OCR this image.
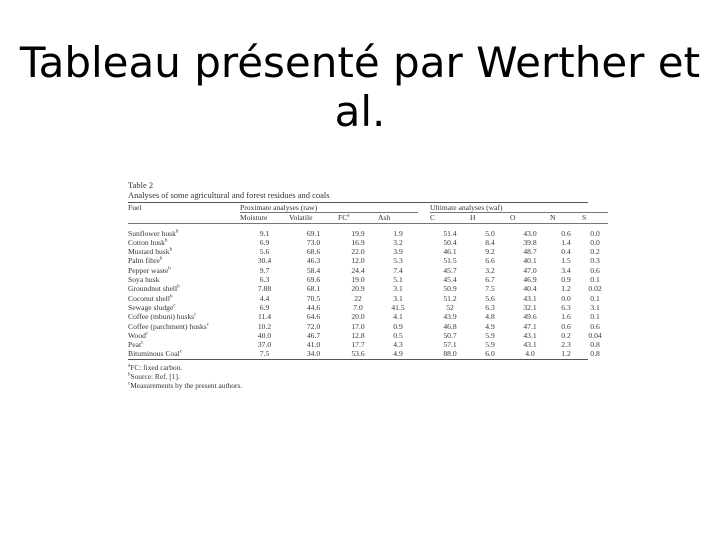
Tableau présenté par Werther et al.
Table 2
Analyses of some agricultural and forest residues and coals
Fuel	Proximate analyses (raw)					Ultimate analyses (waf)				
	Moisture	Volatile	$FC^a$	Ash		C	H	O	N	S

Sunflower husk$^b$	9.1	69.1	19.9	1.9		51.4	5.0	43.0	0.6	0.0
Cotton husk$^b$	6.9	73.0	16.9	3.2		50.4	8.4	39.8	1.4	0.0
Mustard husk$^b$	5.6	68.6	22.0	3.9		46.1	9.2	48.7	0.4	0.2
Palm fibre$^b$	30.4	46.3	12.0	5.3		51.5	6.6	40.1	1.5	0.3
Pepper waste$^b$	9.7	58.4	24.4	7.4		45.7	3.2	47.0	3.4	0.6
Soya husk	6.3	69.6	19.0	5.1		45.4	6.7	46.9	0.9	0.1
Groundnut shell$^b$	7.88	68.1	20.9	3.1		50.9	7.5	40.4	1.2	0.02
Coconut shell$^b$	4.4	70.5	22	3.1		51.2	5.6	43.1	0.0	0.1
Sewage sludge$^c$	6.9	44.6	7.0	41.5		52	6.3	32.1	6.3	3.1
Coffee (mbuni) husks$^c$	11.4	64.6	20.0	4.1		43.9	4.8	49.6	1.6	0.1
Coffee (parchment) husks$^c$	10.2	72.0	17.0	0.9		46.8	4.9	47.1	0.6	0.6
Wood$^c$	40.0	46.7	12.8	0.5		50.7	5.9	43.1	0.2	0.04
Peat$^c$	37.0	41.0	17.7	4.3		57.1	5.9	43.1	2.3	0.8
Bituminous Coal$^c$	7.5	34.0	53.6	4.9		88.0	6.0	4.0	1.2	0.8
$^a$FC: fixed carbon.
$^b$Source: Ref. [1].
$^c$Measurements by the present authors.
